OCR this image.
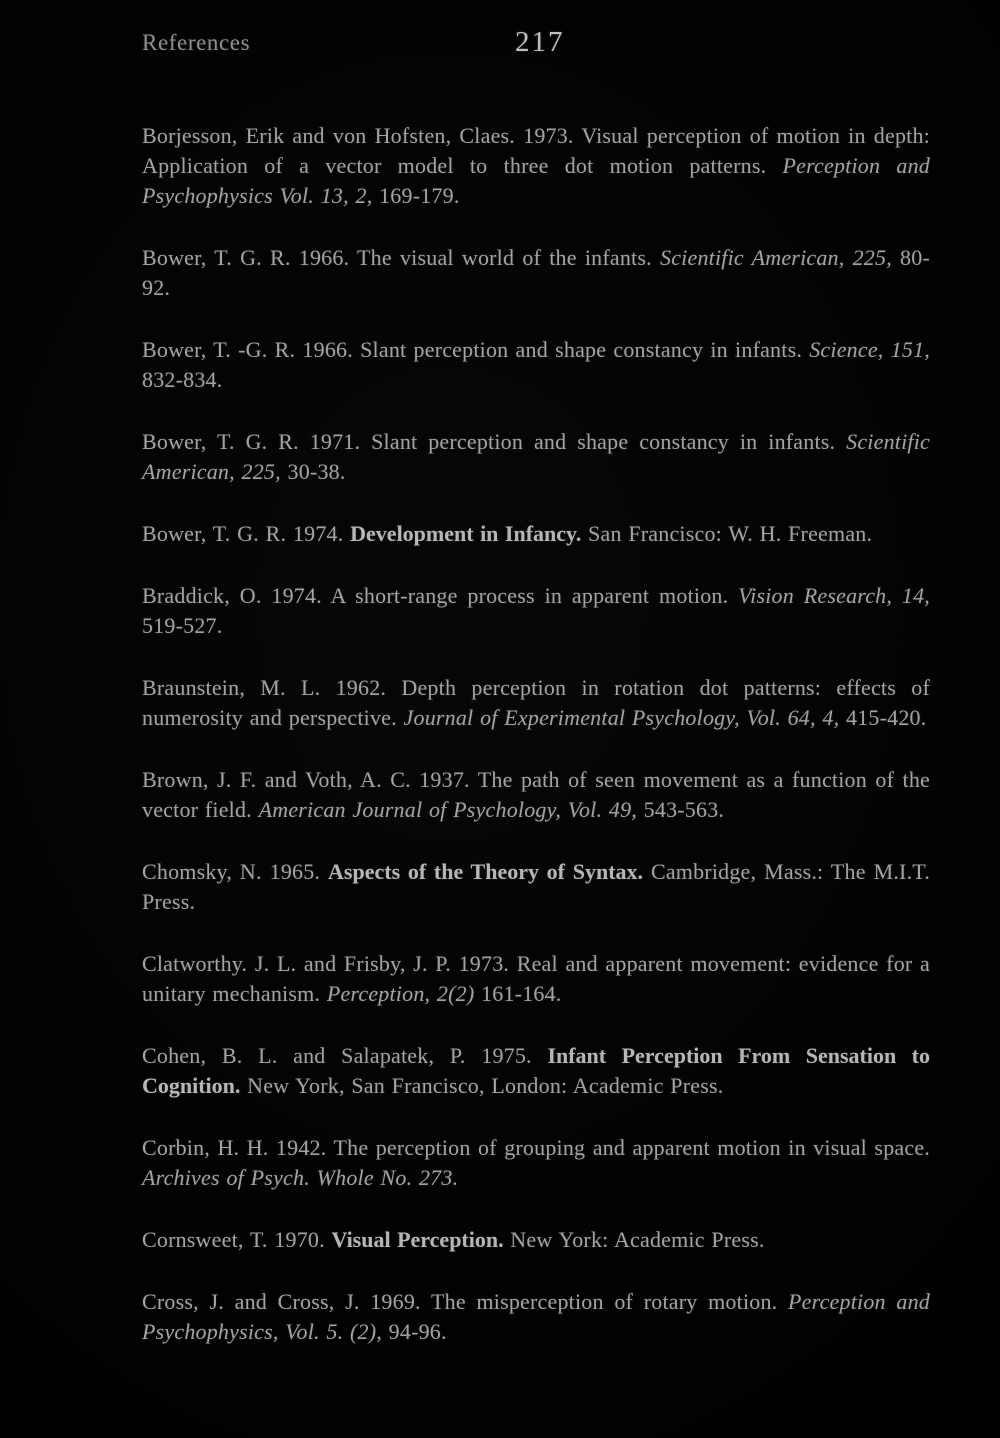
References	217

Borjesson, Erik and von Hofsten, Claes. 1973. Visual perception of motion in depth: Application of a vector model to three dot motion patterns. Perception and Psychophysics Vol. 13, 2, 169-179.

Bower, T. G. R. 1966. The visual world of the infants. Scientific American, 225, 80-92.

Bower, T. -G. R. 1966. Slant perception and shape constancy in infants. Science, 151, 832-834.

Bower, T. G. R. 1971. Slant perception and shape constancy in infants. Scientific American, 225, 30-38.

Bower, T. G. R. 1974. Development in Infancy. San Francisco: W. H. Freeman.

Braddick, O. 1974. A short-range process in apparent motion. Vision Research, 14, 519-527.

Braunstein, M. L. 1962. Depth perception in rotation dot patterns: effects of numerosity and perspective. Journal of Experimental Psychology, Vol. 64, 4, 415-420.

Brown, J. F. and Voth, A. C. 1937. The path of seen movement as a function of the vector field. American Journal of Psychology, Vol. 49, 543-563.

Chomsky, N. 1965. Aspects of the Theory of Syntax. Cambridge, Mass.: The M.I.T. Press.

Clatworthy. J. L. and Frisby, J. P. 1973. Real and apparent movement: evidence for a unitary mechanism. Perception, 2(2) 161-164.

Cohen, B. L. and Salapatek, P. 1975. Infant Perception From Sensation to Cognition. New York, San Francisco, London: Academic Press.

Corbin, H. H. 1942. The perception of grouping and apparent motion in visual space. Archives of Psych. Whole No. 273.

Cornsweet, T. 1970. Visual Perception. New York: Academic Press.

Cross, J. and Cross, J. 1969. The misperception of rotary motion. Perception and Psychophysics, Vol. 5. (2), 94-96.
